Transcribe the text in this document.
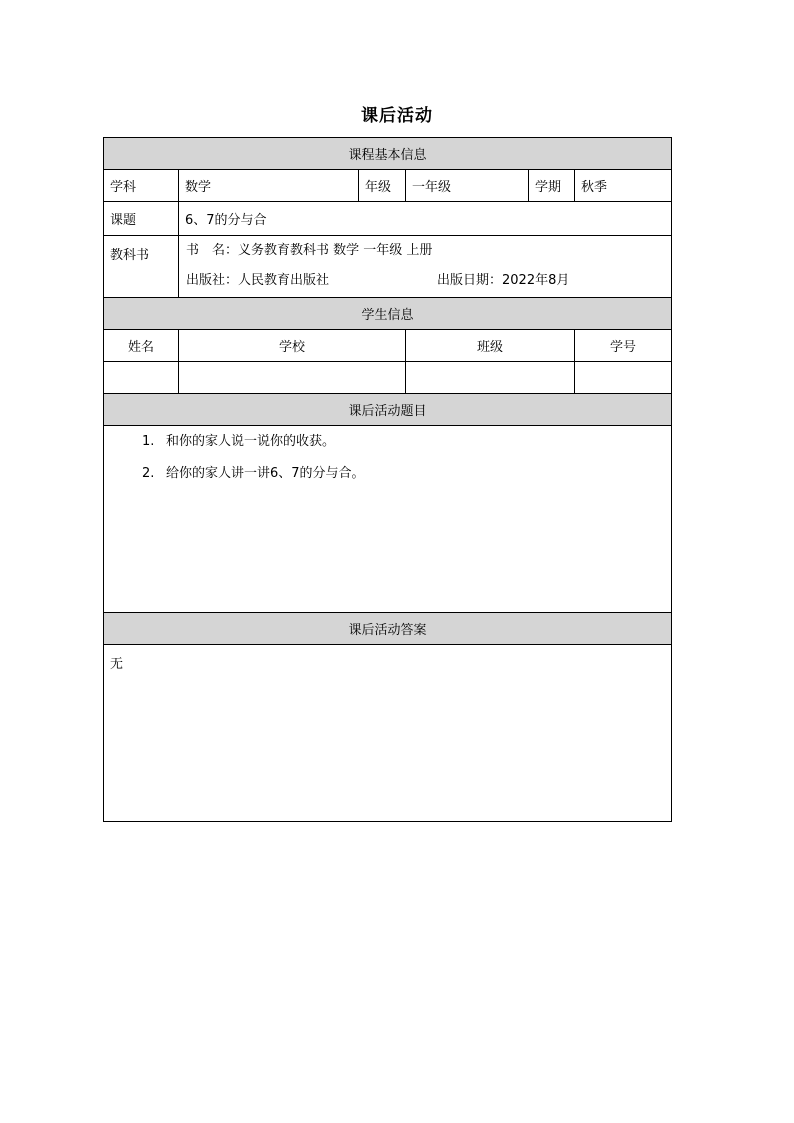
课后活动
课程基本信息					
学科	数学	年级	一年级	学期	秋季
课题	6、7的分与合				
教科书	书　名：义务教育教科书 数学 一年级 上册
出版社：人民教育出版社 出版日期：2022年8月				

学生信息					
姓名	学校		班级		学号

课后活动题目					

1. 和你的家人说一说你的收获。
2. 给你的家人讲一讲6、7的分与合。					

课后活动答案					
无					
